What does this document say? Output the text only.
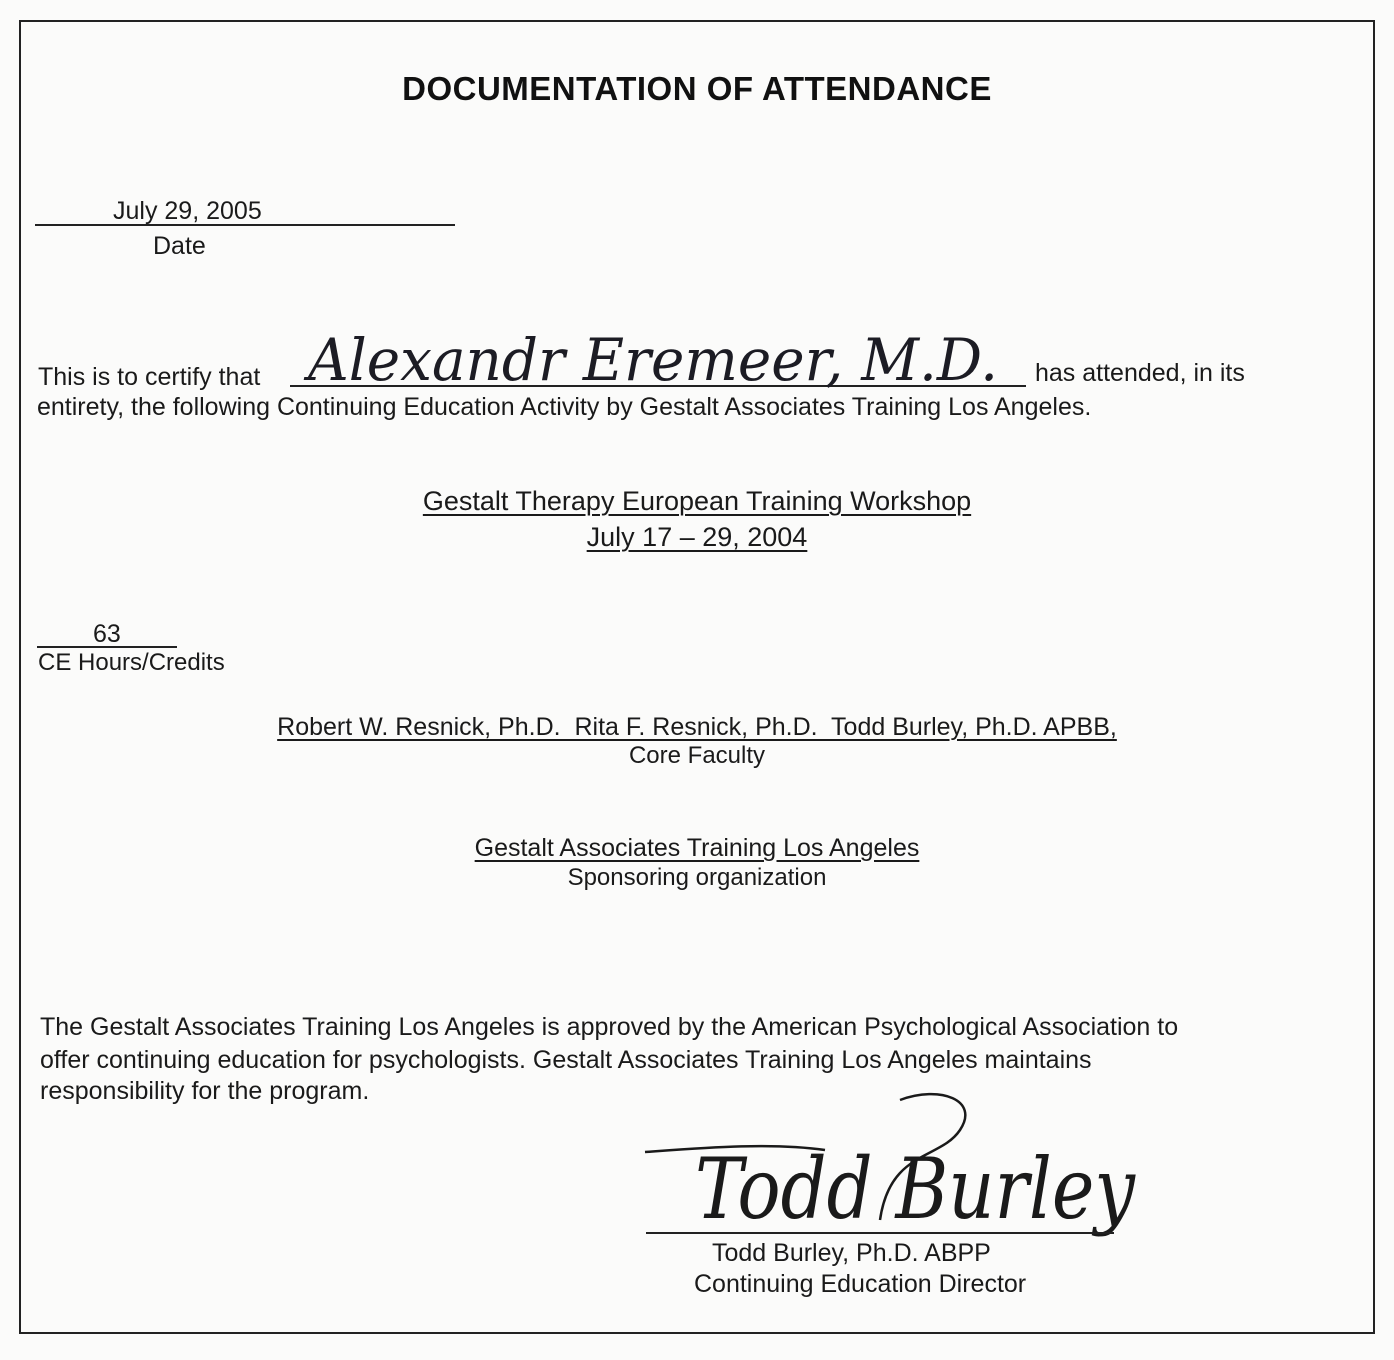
DOCUMENTATION OF ATTENDANCE
July 29, 2005
Date
This is to certify that Alexandr Eremeer, M.D. has attended, in its
entirety, the following Continuing Education Activity by Gestalt Associates Training Los Angeles.
Gestalt Therapy European Training Workshop
July 17 – 29, 2004
63
CE Hours/Credits
Robert W. Resnick, Ph.D.  Rita F. Resnick, Ph.D.  Todd Burley, Ph.D. APBB,
Core Faculty
Gestalt Associates Training Los Angeles
Sponsoring organization
The Gestalt Associates Training Los Angeles is approved by the American Psychological Association to
offer continuing education for psychologists. Gestalt Associates Training Los Angeles maintains
responsibility for the program.
Todd Burley
Todd Burley, Ph.D. ABPP
Continuing Education Director
